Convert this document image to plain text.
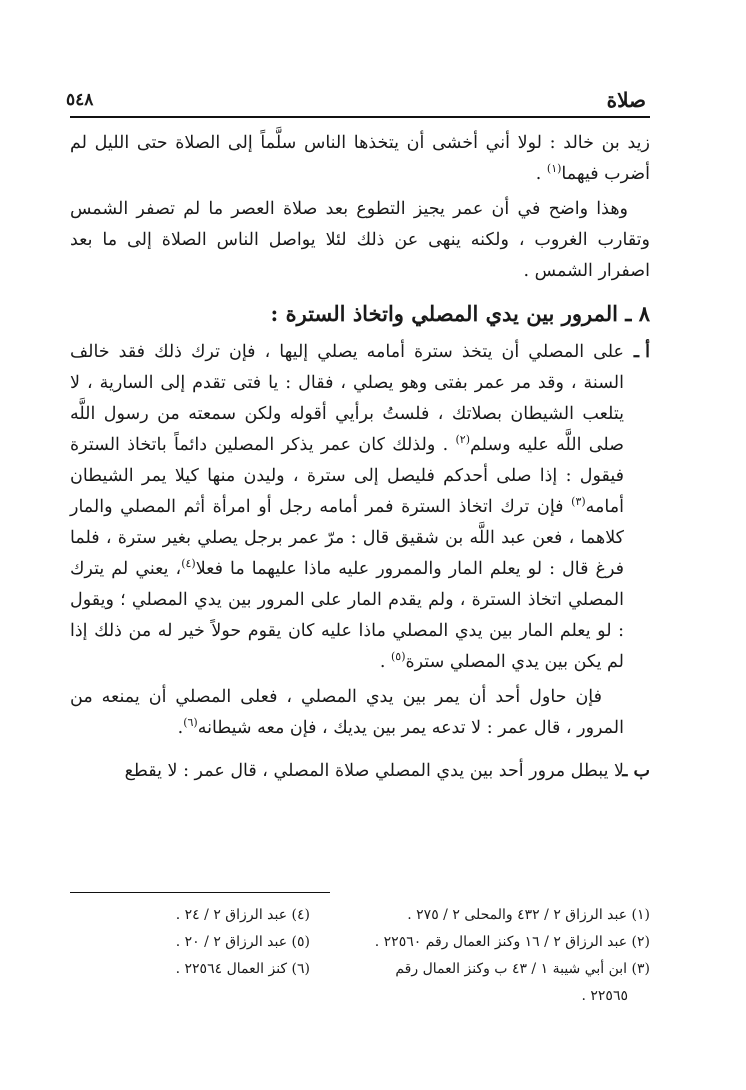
صلاة
٥٤٨

زيد بن خالد : لولا أني أخشى أن يتخذها الناس سلَّماً إلى الصلاة حتى الليل لم أضرب فيهما$^{(١)}$ .

وهذا واضح في أن عمر يجيز التطوع بعد صلاة العصر ما لم تصفر الشمس وتقارب الغروب ، ولكنه ينهى عن ذلك لئلا يواصل الناس الصلاة إلى ما بعد اصفرار الشمس .

٨ ـ المرور بين يدي المصلي واتخاذ السترة :

أ ـ
على المصلي أن يتخذ سترة أمامه يصلي إليها ، فإن ترك ذلك فقد خالف السنة ، وقد مر عمر بفتى وهو يصلي ، فقال : يا فتى تقدم إلى السارية ، لا يتلعب الشيطان بصلاتك ، فلستُ برأيي أقوله ولكن سمعته من رسول اللَّه صلى اللَّه عليه وسلم$^{(٢)}$ . ولذلك كان عمر يذكر المصلين دائماً باتخاذ السترة فيقول : إذا صلى أحدكم فليصل إلى سترة ، وليدن منها كيلا يمر الشيطان أمامه$^{(٣)}$ فإن ترك اتخاذ السترة فمر أمامه رجل أو امرأة أثم المصلي والمار كلاهما ، فعن عبد اللَّه بن شقيق قال : مرّ عمر برجل يصلي بغير سترة ، فلما فرغ قال : لو يعلم المار والممرور عليه ماذا عليهما ما فعلا$^{(٤)}$، يعني لم يترك المصلي اتخاذ السترة ، ولم يقدم المار على المرور بين يدي المصلي ؛ ويقول : لو يعلم المار بين يدي المصلي ماذا عليه كان يقوم حولاً خير له من ذلك إذا لم يكن بين يدي المصلي سترة$^{(٥)}$ .

فإن حاول أحد أن يمر بين يدي المصلي ، فعلى المصلي أن يمنعه من المرور ، قال عمر : لا تدعه يمر بين يديك ، فإن معه شيطانه$^{(٦)}$.

ب ـ
لا يبطل مرور أحد بين يدي المصلي صلاة المصلي ، قال عمر : لا يقطع

(١) عبد الرزاق ٢ / ٤٣٢ والمحلى ٢ / ٢٧٥ .

(٢) عبد الرزاق ٢ / ١٦ وكنز العمال رقم ٢٢٥٦٠ .

(٣) ابن أبي شيبة ١ / ٤٣ ب وكنز العمال رقم

٢٢٥٦٥ .

(٤) عبد الرزاق ٢ / ٢٤ .

(٥) عبد الرزاق ٢ / ٢٠ .

(٦) كنز العمال ٢٢٥٦٤ .
